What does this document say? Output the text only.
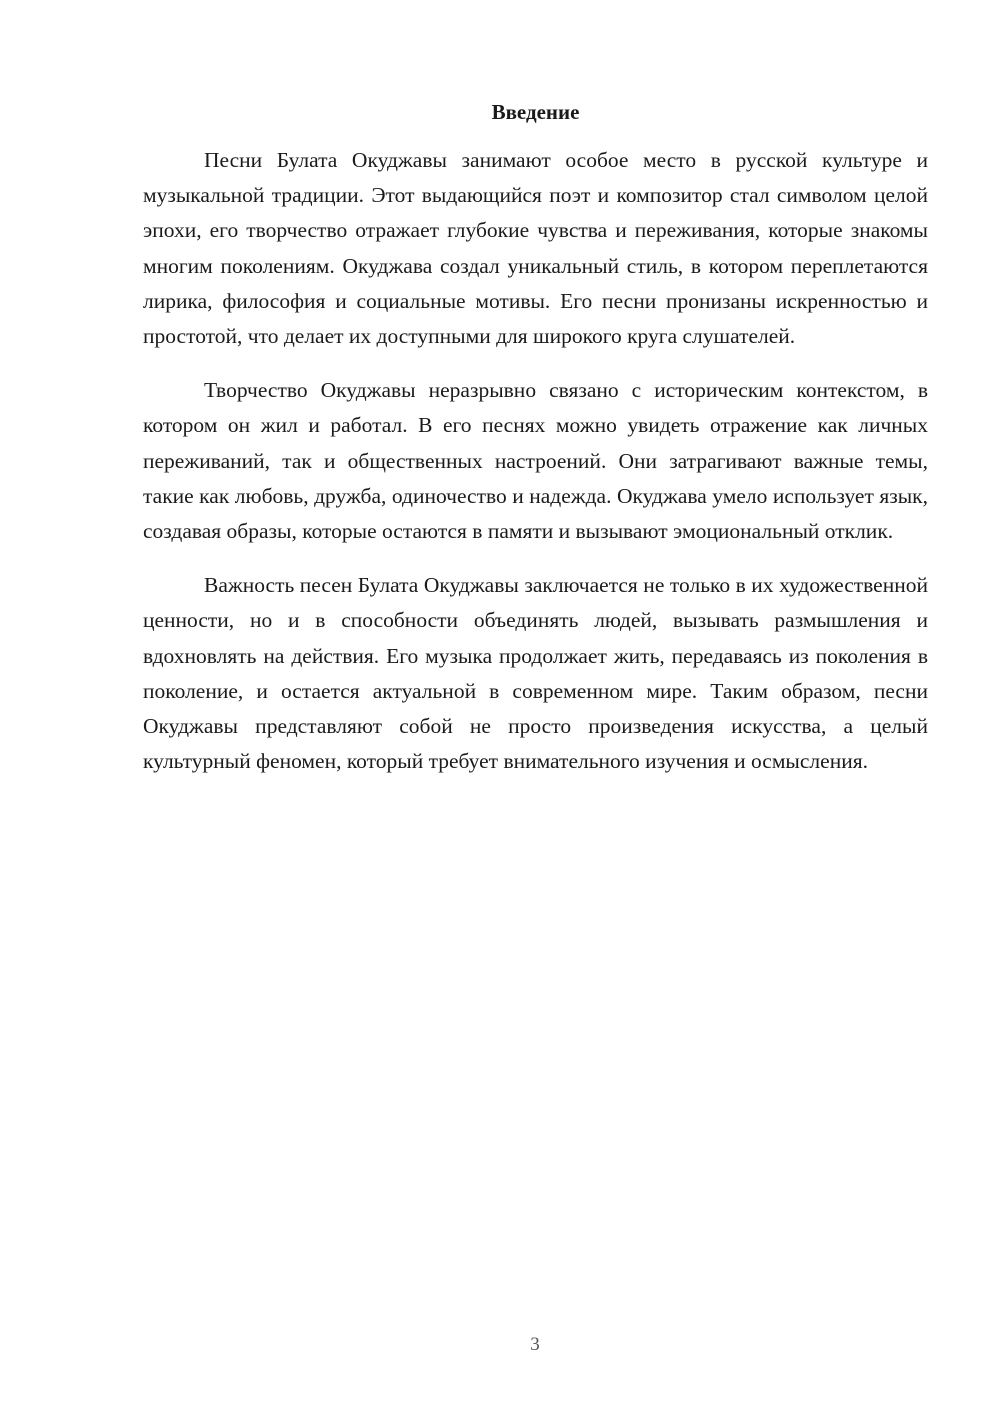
Введение

Песни Булата Окуджавы занимают особое место в русской культуре и музыкальной традиции. Этот выдающийся поэт и композитор стал символом целой эпохи, его творчество отражает глубокие чувства и переживания, которые знакомы многим поколениям. Окуджава создал уникальный стиль, в котором переплетаются лирика, философия и социальные мотивы. Его песни пронизаны искренностью и простотой, что делает их доступными для широкого круга слушателей.

Творчество Окуджавы неразрывно связано с историческим контекстом, в котором он жил и работал. В его песнях можно увидеть отражение как личных переживаний, так и общественных настроений. Они затрагивают важные темы, такие как любовь, дружба, одиночество и надежда. Окуджава умело использует язык, создавая образы, которые остаются в памяти и вызывают эмоциональный отклик.

Важность песен Булата Окуджавы заключается не только в их художественной ценности, но и в способности объединять людей, вызывать размышления и вдохновлять на действия. Его музыка продолжает жить, передаваясь из поколения в поколение, и остается актуальной в современном мире. Таким образом, песни Окуджавы представляют собой не просто произведения искусства, а целый культурный феномен, который требует внимательного изучения и осмысления.

3
